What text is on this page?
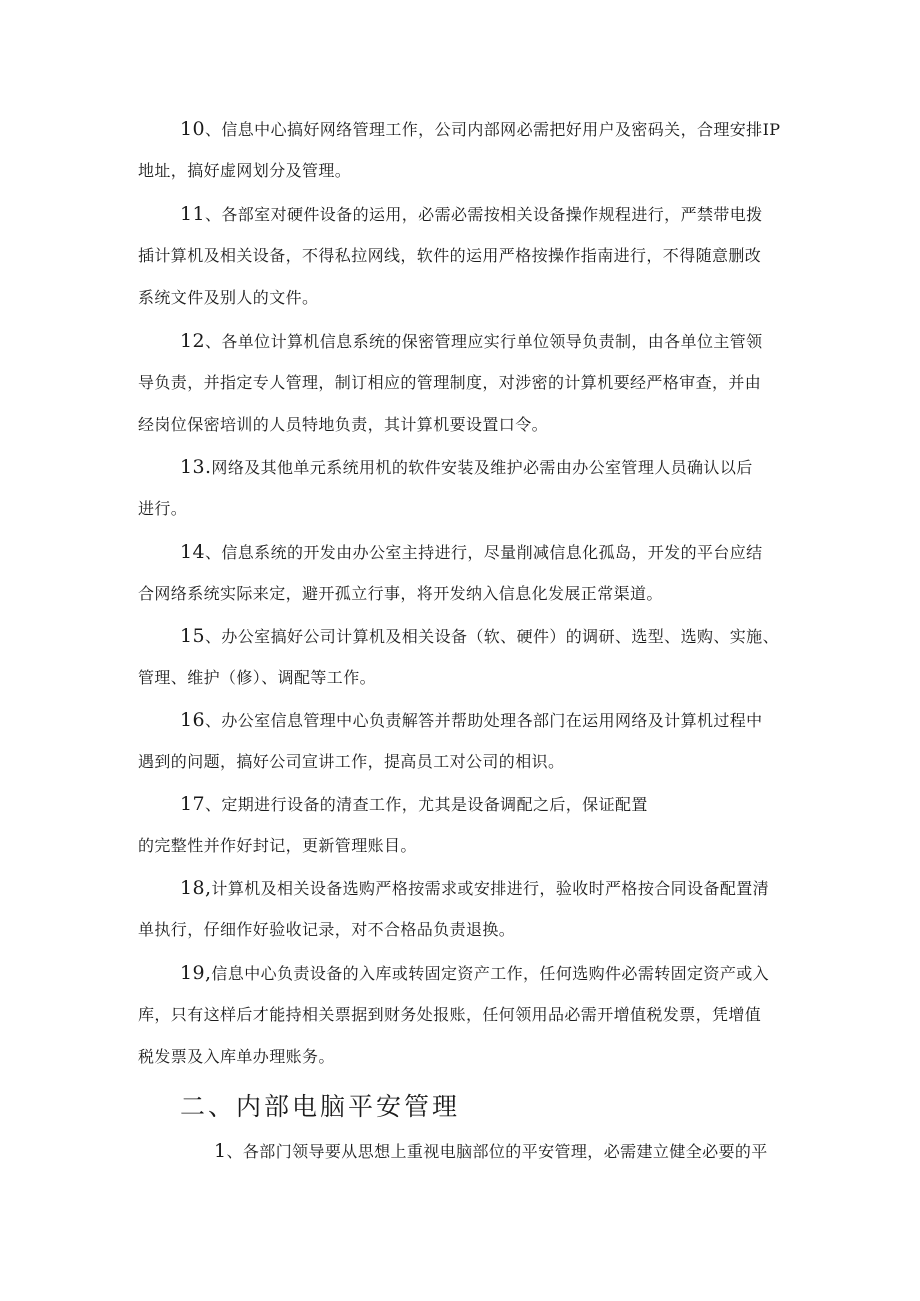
10、信息中心搞好网络管理工作，公司内部网必需把好用户及密码关，合理安排IP
地址，搞好虚网划分及管理。
11、各部室对硬件设备的运用，必需必需按相关设备操作规程进行，严禁带电拨
插计算机及相关设备，不得私拉网线，软件的运用严格按操作指南进行，不得随意删改
系统文件及别人的文件。
12、各单位计算机信息系统的保密管理应实行单位领导负责制，由各单位主管领
导负责，并指定专人管理，制订相应的管理制度，对涉密的计算机要经严格审查，并由
经岗位保密培训的人员特地负责，其计算机要设置口令。
13.网络及其他单元系统用机的软件安装及维护必需由办公室管理人员确认以后
进行。
14、信息系统的开发由办公室主持进行，尽量削减信息化孤岛，开发的平台应结
合网络系统实际来定，避开孤立行事，将开发纳入信息化发展正常渠道。
15、办公室搞好公司计算机及相关设备（软、硬件）的调研、选型、选购、实施、
管理、维护（修）、调配等工作。
16、办公室信息管理中心负责解答并帮助处理各部门在运用网络及计算机过程中
遇到的问题，搞好公司宣讲工作，提高员工对公司的相识。
17、定期进行设备的清查工作，尤其是设备调配之后，保证配置
的完整性并作好封记，更新管理账目。
18,计算机及相关设备选购严格按需求或安排进行，验收时严格按合同设备配置清
单执行，仔细作好验收记录，对不合格品负责退换。
19,信息中心负责设备的入库或转固定资产工作，任何选购件必需转固定资产或入
库，只有这样后才能持相关票据到财务处报账，任何领用品必需开增值税发票，凭增值
税发票及入库单办理账务。
二、内部电脑平安管理
1、各部门领导要从思想上重视电脑部位的平安管理，必需建立健全必要的平
